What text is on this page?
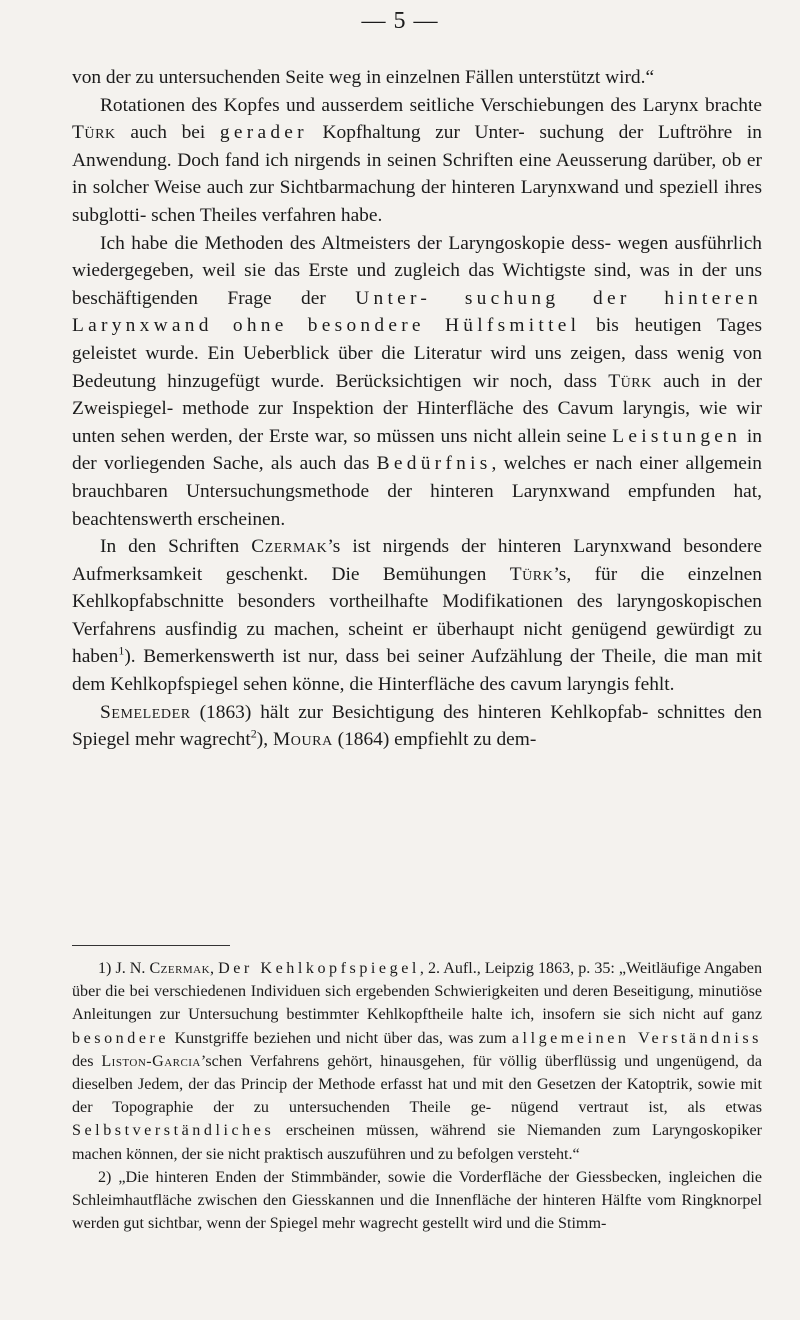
— 5 —

von der zu untersuchenden Seite weg in einzelnen Fällen unterstützt wird.“

Rotationen des Kopfes und ausserdem seitliche Verschiebungen des Larynx brachte Türk auch bei gerader Kopfhaltung zur Unter- suchung der Luftröhre in Anwendung. Doch fand ich nirgends in seinen Schriften eine Aeusserung darüber, ob er in solcher Weise auch zur Sichtbarmachung der hinteren Larynxwand und speziell ihres subglotti- schen Theiles verfahren habe.

Ich habe die Methoden des Altmeisters der Laryngoskopie dess- wegen ausführlich wiedergegeben, weil sie das Erste und zugleich das Wichtigste sind, was in der uns beschäftigenden Frage der Unter- suchung der hinteren Larynxwand ohne besondere Hülfsmittel bis heutigen Tages geleistet wurde. Ein Ueberblick über die Literatur wird uns zeigen, dass wenig von Bedeutung hinzugefügt wurde. Berücksichtigen wir noch, dass Türk auch in der Zweispiegel- methode zur Inspektion der Hinterfläche des Cavum laryngis, wie wir unten sehen werden, der Erste war, so müssen uns nicht allein seine Leistungen in der vorliegenden Sache, als auch das Bedürfnis, welches er nach einer allgemein brauchbaren Untersuchungsmethode der hinteren Larynxwand empfunden hat, beachtenswerth erscheinen.

In den Schriften Czermak’s ist nirgends der hinteren Larynxwand besondere Aufmerksamkeit geschenkt. Die Bemühungen Türk’s, für die einzelnen Kehlkopfabschnitte besonders vortheilhafte Modifikationen des laryngoskopischen Verfahrens ausfindig zu machen, scheint er überhaupt nicht genügend gewürdigt zu haben$^1$). Bemerkenswerth ist nur, dass bei seiner Aufzählung der Theile, die man mit dem Kehlkopfspiegel sehen könne, die Hinterfläche des cavum laryngis fehlt.

Semeleder (1863) hält zur Besichtigung des hinteren Kehlkopfab- schnittes den Spiegel mehr wagrecht$^2$), Moura (1864) empfiehlt zu dem-

1) J. N. Czermak, Der Kehlkopfspiegel, 2. Aufl., Leipzig 1863, p. 35: „Weitläufige Angaben über die bei verschiedenen Individuen sich ergebenden Schwierigkeiten und deren Beseitigung, minutiöse Anleitungen zur Untersuchung bestimmter Kehlkopftheile halte ich, insofern sie sich nicht auf ganz besondere Kunstgriffe beziehen und nicht über das, was zum allgemeinen Verständniss des Liston-Garcia’schen Verfahrens gehört, hinausgehen, für völlig überflüssig und ungenügend, da dieselben Jedem, der das Princip der Methode erfasst hat und mit den Gesetzen der Katoptrik, sowie mit der Topographie der zu untersuchenden Theile ge- nügend vertraut ist, als etwas Selbstverständliches erscheinen müssen, während sie Niemanden zum Laryngoskopiker machen können, der sie nicht praktisch auszuführen und zu befolgen versteht.“

2) „Die hinteren Enden der Stimmbänder, sowie die Vorderfläche der Giessbecken, ingleichen die Schleimhautfläche zwischen den Giesskannen und die Innenfläche der hinteren Hälfte vom Ringknorpel werden gut sichtbar, wenn der Spiegel mehr wagrecht gestellt wird und die Stimm-
